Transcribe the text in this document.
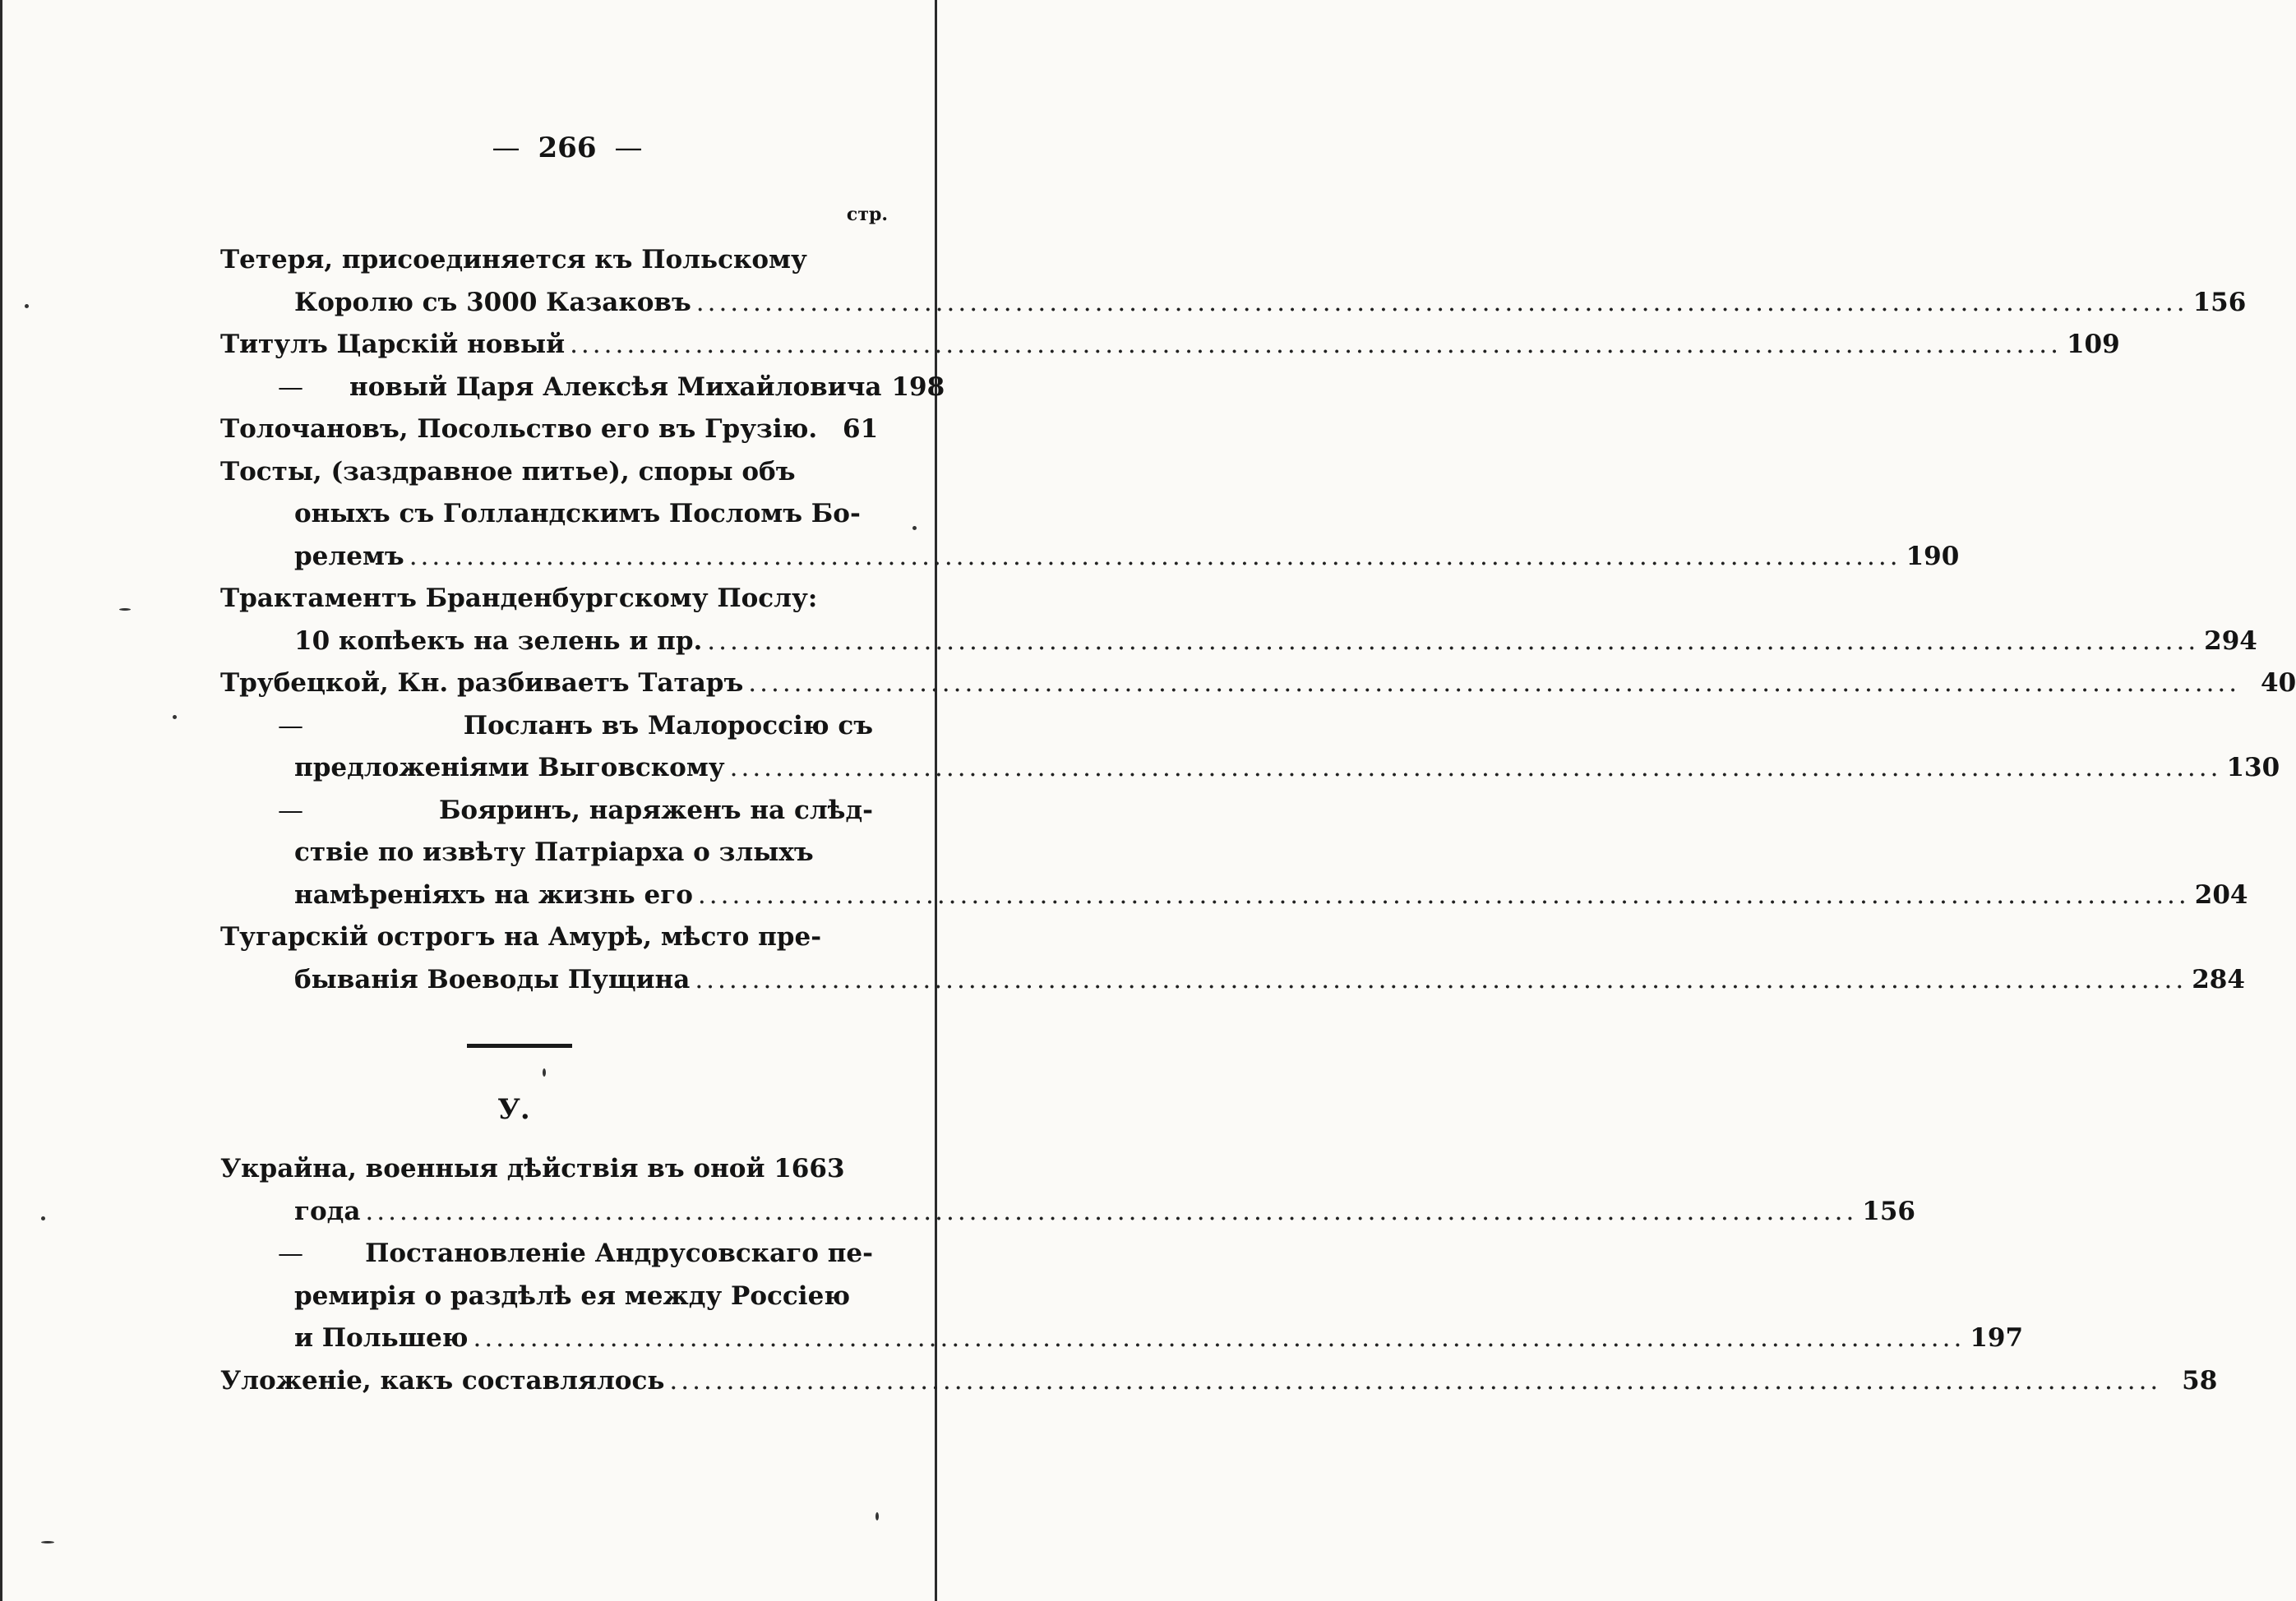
— 266 —
стр.
Тетеря, присоединяется къ Польскому
Королю съ 3000 Казаковъ .....	156
Титулъ Царскій новый .....	109
— новый Царя Алексѣя Михайловича 198
Толочановъ, Посольство его въ Грузію. 61
Тосты, (заздравное питье), споры объ
оныхъ съ Голландскимъ Посломъ Бо-
релемъ .....	190
Трактаментъ Бранденбургскому Послу:
10 копѣекъ на зелень и пр. .....	294
Трубецкой, Кн. разбиваетъ Татаръ .....	40
—	Посланъ въ Малороссію съ
предложеніями Выговскому .....	130
—	Бояринъ, наряженъ на слѣд-
ствіе по извѣту Патріарха о злыхъ
намѣреніяхъ на жизнь его .....	204
Тугарскій острогъ на Амурѣ, мѣсто пре-
быванія Воеводы Пущина .....	284
Украйна, военныя дѣйствія въ оной 1663
года .....	156
—	Постановленіе Андрусовскаго пе-
ремирія о раздѣлѣ ея между Россіею
и Польшею .....	197
Уложеніе, какъ составлялось .....	58
У.
